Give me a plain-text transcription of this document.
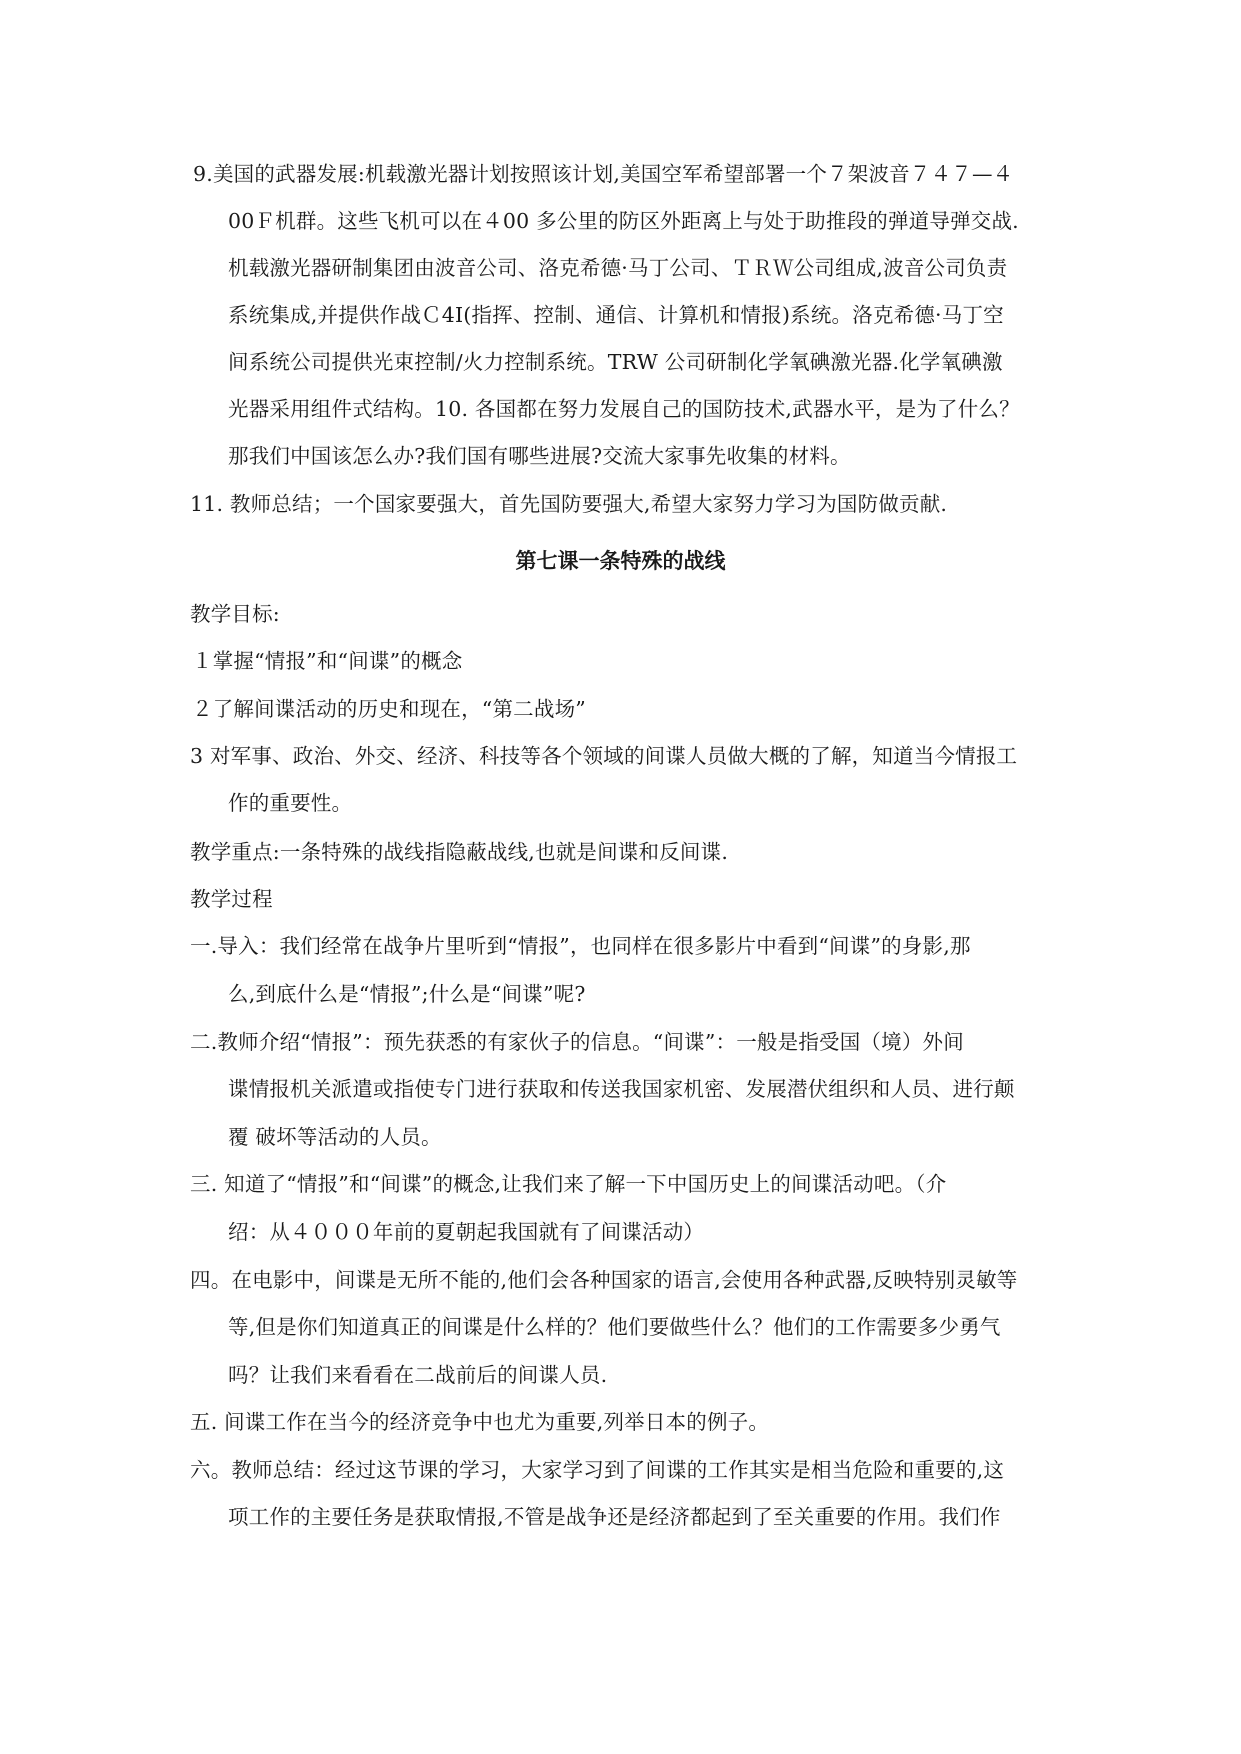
9.美国的武器发展:机载激光器计划按照该计划,美国空军希望部署一个７架波音７４７—４
00Ｆ机群。这些飞机可以在４00 多公里的防区外距离上与处于助推段的弹道导弹交战.
机载激光器研制集团由波音公司、洛克希德·马丁公司、ＴＲＷ公司组成,波音公司负责
系统集成,并提供作战Ｃ4I(指挥、控制、通信、计算机和情报)系统。洛克希德·马丁空
间系统公司提供光束控制/火力控制系统。TRW 公司研制化学氧碘激光器.化学氧碘激
光器采用组件式结构。10. 各国都在努力发展自己的国防技术,武器水平，是为了什么？
那我们中国该怎么办?我们国有哪些进展?交流大家事先收集的材料。
11. 教师总结；一个国家要强大，首先国防要强大,希望大家努力学习为国防做贡献.
第七课一条特殊的战线
教学目标:
１掌握“情报”和“间谍”的概念
２了解间谍活动的历史和现在，“第二战场”
3 对军事、政治、外交、经济、科技等各个领域的间谍人员做大概的了解，知道当今情报工
作的重要性。
教学重点:一条特殊的战线指隐蔽战线,也就是间谍和反间谍.
教学过程
一.导入：我们经常在战争片里听到“情报”，也同样在很多影片中看到“间谍”的身影,那
么,到底什么是“情报”;什么是“间谍”呢?
二.教师介绍“情报”：预先获悉的有家伙子的信息。“间谍”：一般是指受国（境）外间
谍情报机关派遣或指使专门进行获取和传送我国家机密、发展潜伏组织和人员、进行颠
覆 破坏等活动的人员。
三. 知道了“情报”和“间谍”的概念,让我们来了解一下中国历史上的间谍活动吧。（介
绍：从４０００年前的夏朝起我国就有了间谍活动）
四。在电影中，间谍是无所不能的,他们会各种国家的语言,会使用各种武器,反映特别灵敏等
等,但是你们知道真正的间谍是什么样的？他们要做些什么？他们的工作需要多少勇气
吗？让我们来看看在二战前后的间谍人员.
五. 间谍工作在当今的经济竞争中也尤为重要,列举日本的例子。
六。教师总结：经过这节课的学习，大家学习到了间谍的工作其实是相当危险和重要的,这
项工作的主要任务是获取情报,不管是战争还是经济都起到了至关重要的作用。我们作
